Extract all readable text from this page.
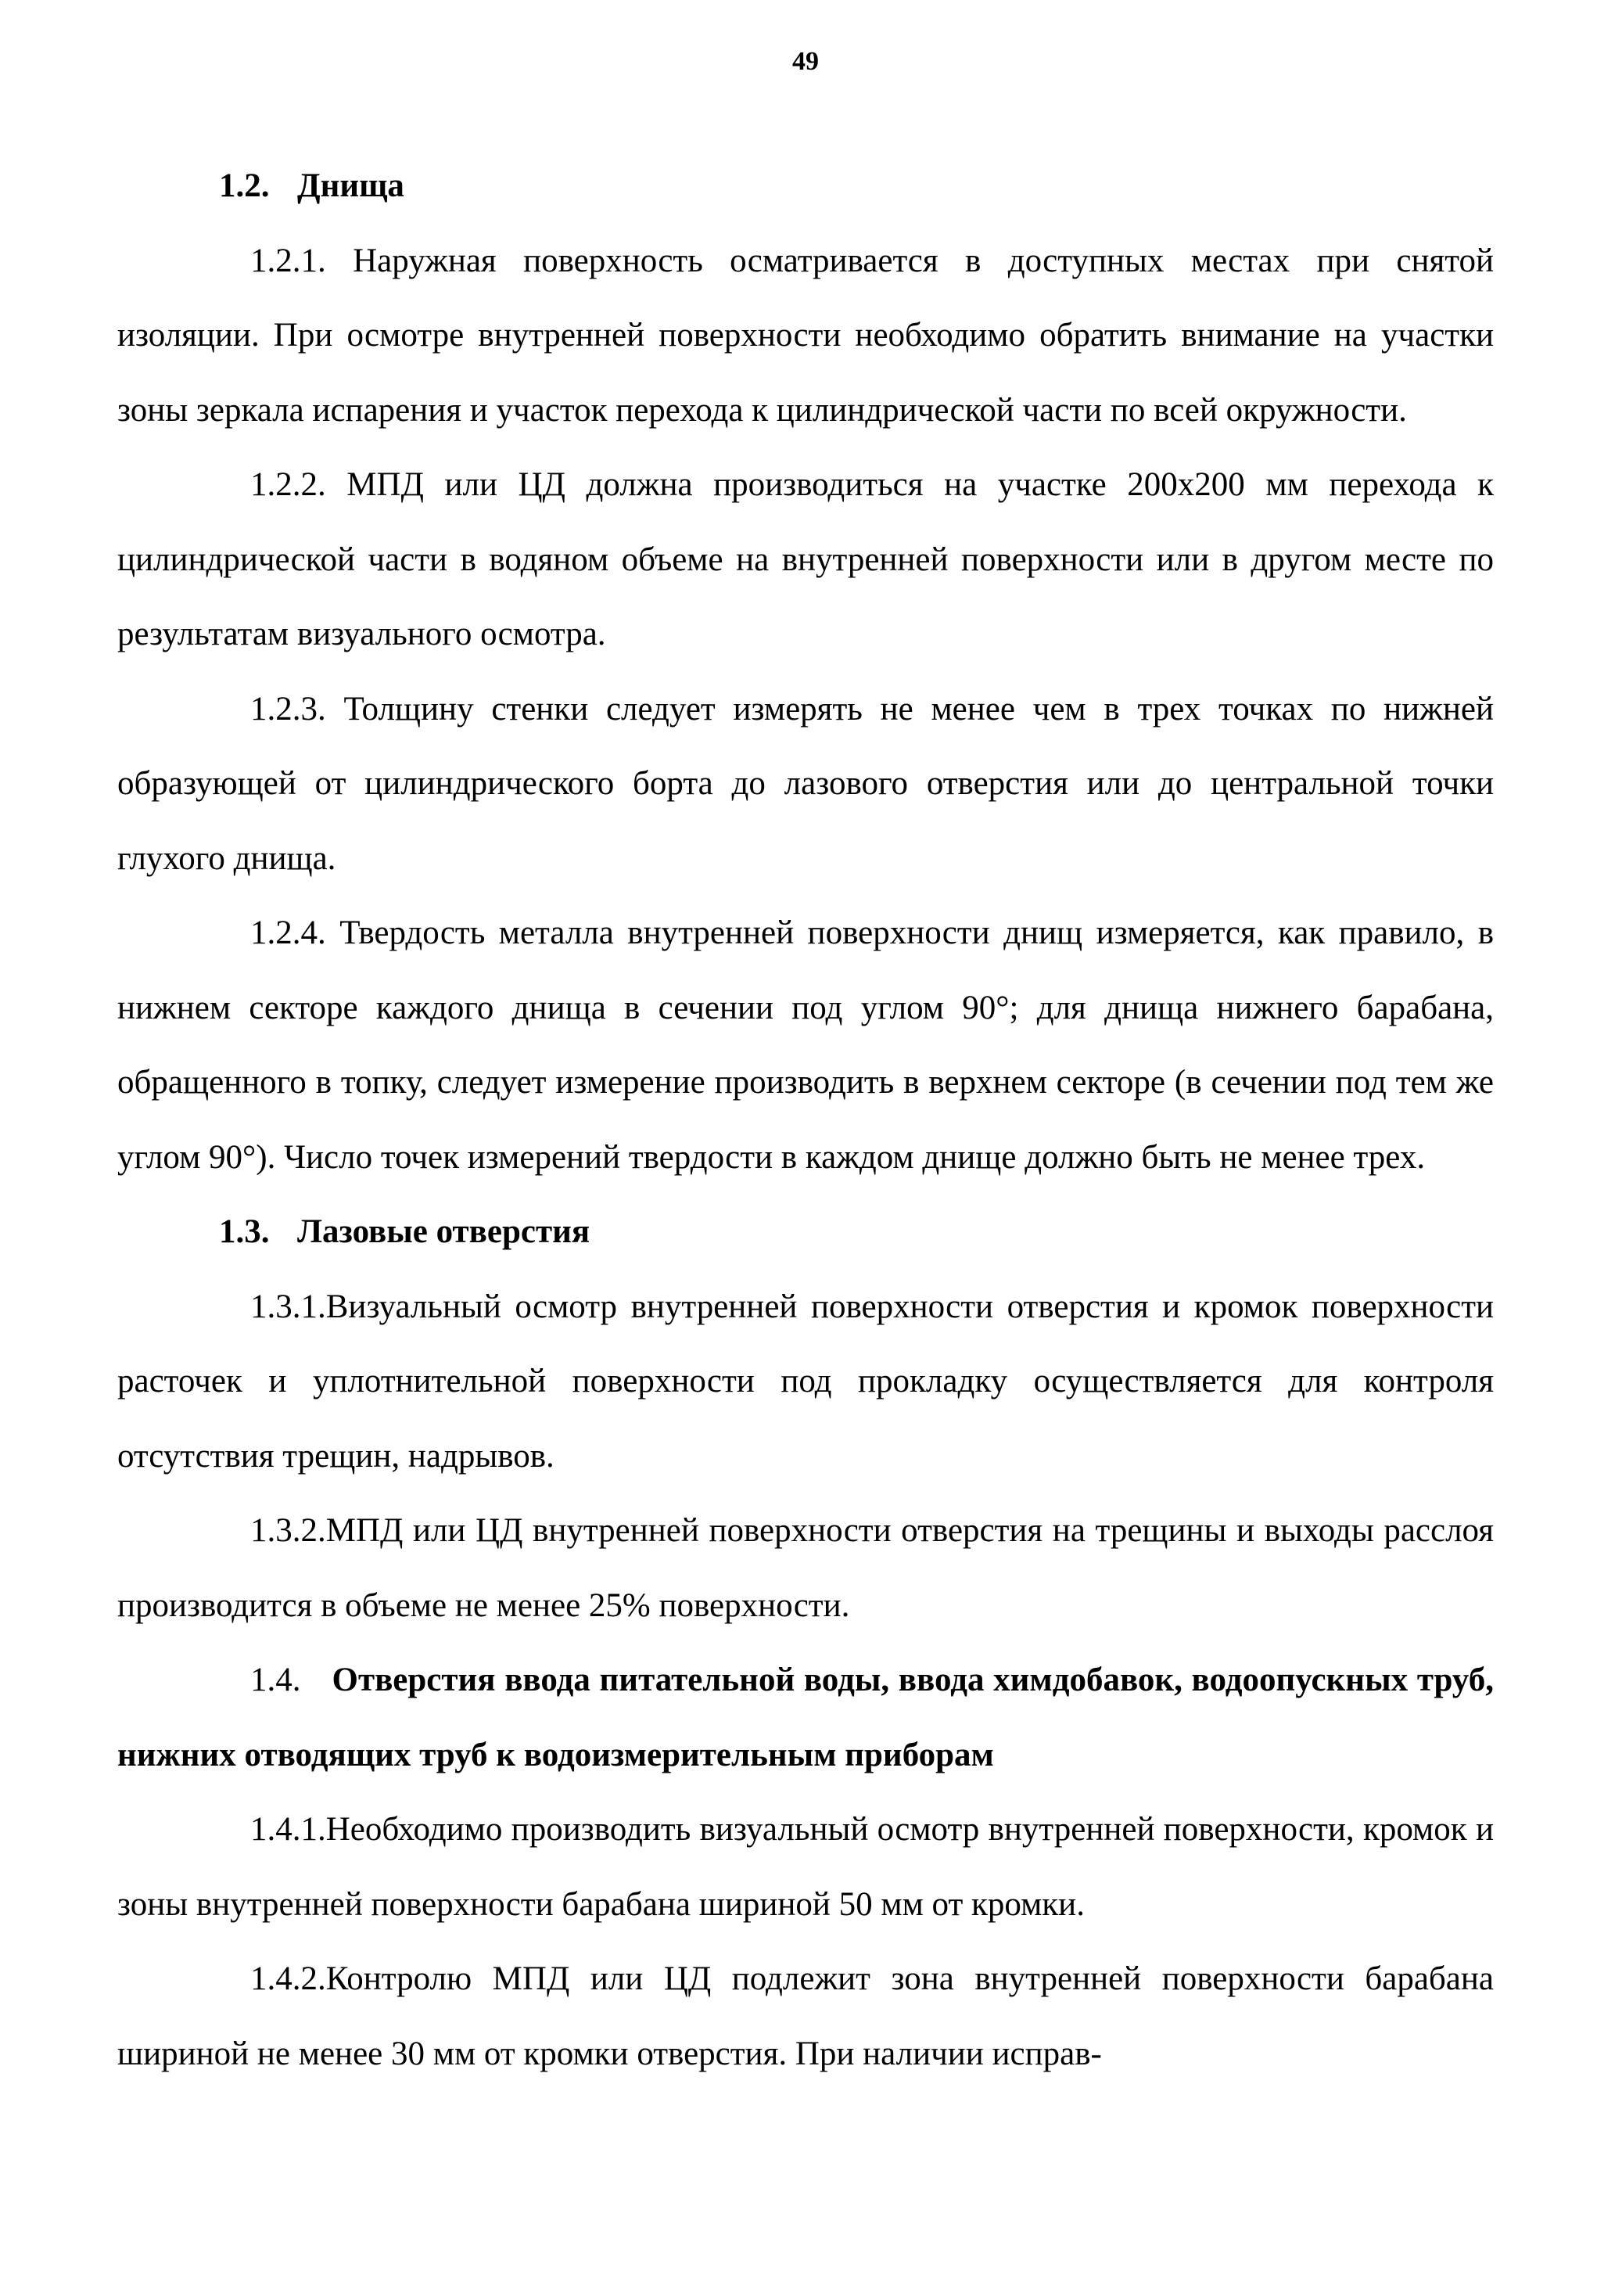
49

1.2. Днища

1.2.1. Наружная поверхность осматривается в доступных местах при снятой изоляции. При осмотре внутренней поверхности необходимо обратить внимание на участки зоны зеркала испарения и участок перехода к цилиндрической части по всей окружности.

1.2.2. МПД или ЦД должна производиться на участке 200х200 мм перехода к цилиндрической части в водяном объеме на внутренней поверхности или в другом месте по результатам визуального осмотра.

1.2.3. Толщину стенки следует измерять не менее чем в трех точках по нижней образующей от цилиндрического борта до лазового отверстия или до центральной точки глухого днища.

1.2.4. Твердость металла внутренней поверхности днищ измеряется, как правило, в нижнем секторе каждого днища в сечении под углом 90°; для днища нижнего барабана, обращенного в топку, следует измерение производить в верхнем секторе (в сечении под тем же углом 90°). Число точек измерений твердости в каждом днище должно быть не менее трех.

1.3. Лазовые отверстия

1.3.1.Визуальный осмотр внутренней поверхности отверстия и кромок поверхности расточек и уплотнительной поверхности под прокладку осуществляется для контроля отсутствия трещин, надрывов.

1.3.2.МПД или ЦД внутренней поверхности отверстия на трещины и выходы расслоя производится в объеме не менее 25% поверхности.

1.4. Отверстия ввода питательной воды, ввода химдобавок, водоопускных труб, нижних отводящих труб к водоизмерительным приборам

1.4.1.Необходимо производить визуальный осмотр внутренней поверхности, кромок и зоны внутренней поверхности барабана шириной 50 мм от кромки.

1.4.2.Контролю МПД или ЦД подлежит зона внутренней поверхности барабана шириной не менее 30 мм от кромки отверстия. При наличии исправ-
